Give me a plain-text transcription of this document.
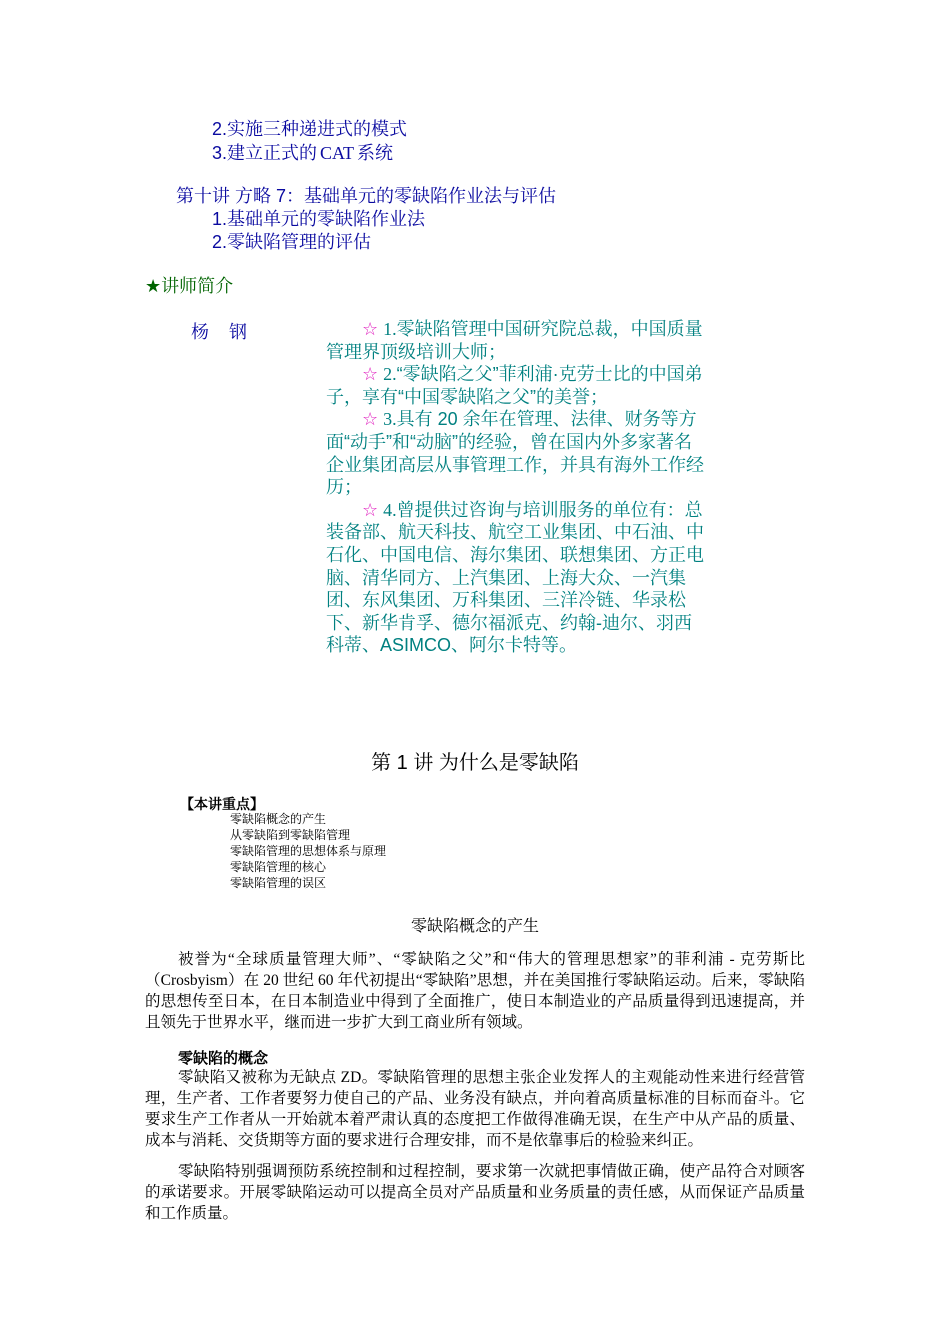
2.实施三种递进式的模式
3.建立正式的 CAT 系统
第十讲 方略 7：基础单元的零缺陷作业法与评估
1.基础单元的零缺陷作业法
2.零缺陷管理的评估
★讲师简介
杨    钢	☆ 1.零缺陷管理中国研究院总裁，中国质量管理界顶级培训大师；

☆ 2.“零缺陷之父”菲利浦·克劳士比的中国弟子，享有“中国零缺陷之父”的美誉；

☆ 3.具有 20 余年在管理、法律、财务等方面“动手”和“动脑”的经验，曾在国内外多家著名企业集团高层从事管理工作，并具有海外工作经历；

☆ 4.曾提供过咨询与培训服务的单位有：总装备部、航天科技、航空工业集团、中石油、中石化、中国电信、海尔集团、联想集团、方正电脑、清华同方、上汽集团、上海大众、一汽集团、东风集团、万科集团、三洋冷链、华录松下、新华肯孚、德尔福派克、约翰-迪尔、羽西科蒂、ASIMCO、阿尔卡特等。

第 1 讲 为什么是零缺陷
【本讲重点】
零缺陷概念的产生
从零缺陷到零缺陷管理
零缺陷管理的思想体系与原理
零缺陷管理的核心
零缺陷管理的误区
零缺陷概念的产生

被誉为“全球质量管理大师”、“零缺陷之父”和“伟大的管理思想家”的菲利浦 - 克劳斯比（Crosbyism）在 20 世纪 60 年代初提出“零缺陷”思想，并在美国推行零缺陷运动。后来，零缺陷的思想传至日本，在日本制造业中得到了全面推广，使日本制造业的产品质量得到迅速提高，并且领先于世界水平，继而进一步扩大到工商业所有领域。

零缺陷的概念

零缺陷又被称为无缺点 ZD。零缺陷管理的思想主张企业发挥人的主观能动性来进行经营管理，生产者、工作者要努力使自己的产品、业务没有缺点，并向着高质量标准的目标而奋斗。它要求生产工作者从一开始就本着严肃认真的态度把工作做得准确无误，在生产中从产品的质量、成本与消耗、交货期等方面的要求进行合理安排，而不是依靠事后的检验来纠正。

零缺陷特别强调预防系统控制和过程控制，要求第一次就把事情做正确，使产品符合对顾客的承诺要求。开展零缺陷运动可以提高全员对产品质量和业务质量的责任感，从而保证产品质量和工作质量。
